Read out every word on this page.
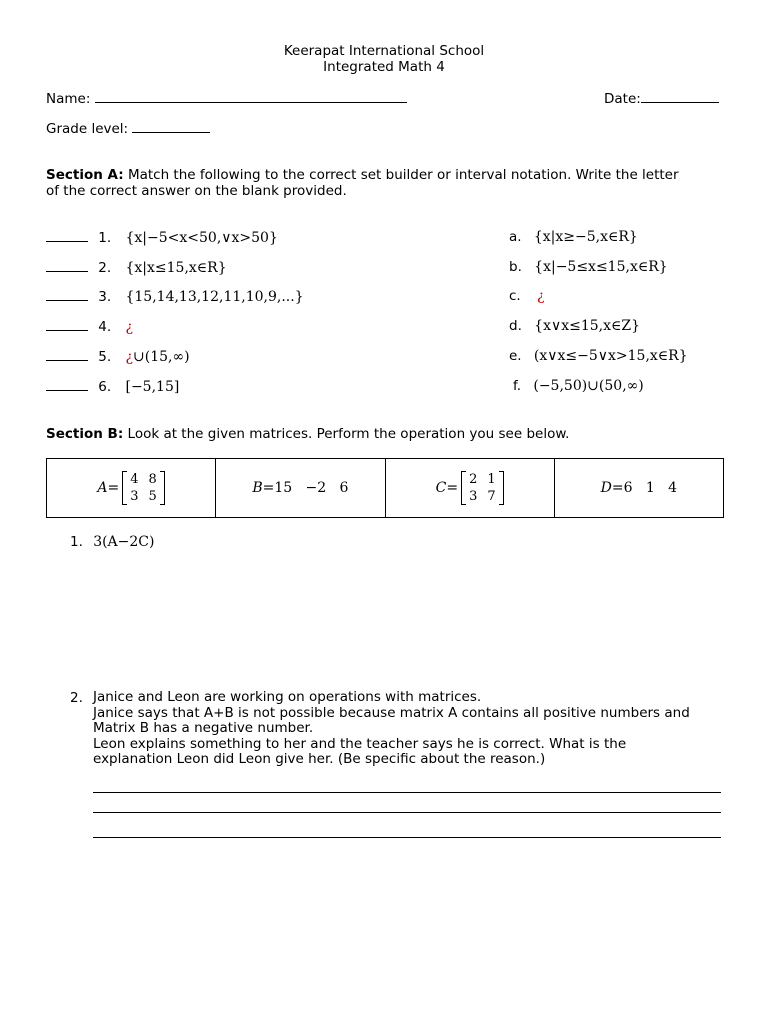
Keerapat International School
Integrated Math 4
Name:	Date:
Grade level:
Section A: Match the following to the correct set builder or interval notation. Write the letter
of the correct answer on the blank provided.
1. {x|−5<x<50,∨x>50}
2. {x|x≤15,x∈R}
3. {15,14,13,12,11,10,9,...}
4. ¿
5. ¿∪(15,∞)
6. [−5,15]
a. {x|x≥−5,x∈R}
b. {x|−5≤x≤15,x∈R}
c. ¿
d. {x∨x≤15,x∈Z}
e. (x∨x≤−5∨x>15,x∈R}
f. (−5,50)∪(50,∞)
Section B: Look at the given matrices. Perform the operation you see below.
A=
4 8
3 5
	B=15   −2   6	C=
2 1
3 7
	D=6   1   4
1. 3(A−2C)
2. Janice and Leon are working on operations with matrices.
Janice says that A+B is not possible because matrix A contains all positive numbers and
Matrix B has a negative number.
Leon explains something to her and the teacher says he is correct. What is the
explanation Leon did Leon give her. (Be specific about the reason.)
